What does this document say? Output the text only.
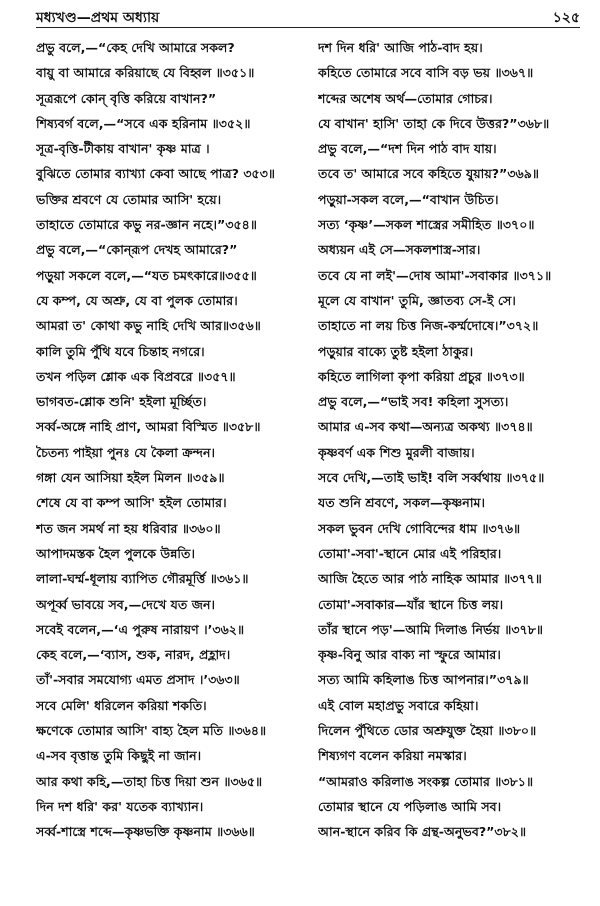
মধ্যখণ্ড—প্রথম অধ্যায়	১২৫
প্রভু বলে,—“কেহ দেখি আমারে সকল?
বায়ু বা আমারে করিয়াছে যে বিহ্বল ॥৩৫১॥
সূত্ররূপে কোন্ বৃত্তি করিয়ে বাখান?”
শিষ্যবর্গ বলে,—“সবে এক হরিনাম ॥৩৫২॥
সূত্র-বৃত্তি-টীকায় বাখান' কৃষ্ণ মাত্র ।
বুঝিতে তোমার ব্যাখ্যা কেবা আছে পাত্র? ৩৫৩॥
ভক্তির শ্রবণে যে তোমার আসি' হয়ে।
তাহাতে তোমারে কভু নর-জ্ঞান নহে।”৩৫৪॥
প্রভু বলে,—“কোন্‌রূপ দেখহ আমারে?”
পড়ুয়া সকলে বলে,—“যত চমৎকারে॥৩৫৫॥
যে কম্প, যে অশ্রু, যে বা পুলক তোমার।
আমরা ত' কোথা কভু নাহি দেখি আর॥৩৫৬॥
কালি তুমি পুঁথি যবে চিন্তাহ নগরে।
তখন পড়িল শ্লোক এক বিপ্রবরে ॥৩৫৭॥
ভাগবত-শ্লোক শুনি' হইলা মূর্চ্ছিত।
সর্ব্ব-অঙ্গে নাহি প্রাণ, আমরা বিস্মিত ॥৩৫৮॥
চৈতন্য পাইয়া পুনঃ যে কৈলা ক্রন্দন।
গঙ্গা যেন আসিয়া হইল মিলন ॥৩৫৯॥
শেষে যে বা কম্প আসি' হইল তোমার।
শত জন সমর্থ না হয় ধরিবার ॥৩৬০॥
আপাদমস্তক হৈল পুলকে উন্নতি।
লালা-ঘর্ম্ম-ধূলায় ব্যাপিত গৌরমূর্ত্তি ॥৩৬১॥
অপূর্ব্ব ভাবয়ে সব,—দেখে যত জন।
সবেই বলেন,—‘এ পুরুষ নারায়ণ ।’৩৬২॥
কেহ বলে,—‘ব্যাস, শুক, নারদ, প্রহ্লাদ।
তাঁ'-সবার সমযোগ্য এমত প্রসাদ ।’৩৬৩॥
সবে মেলি' ধরিলেন করিয়া শকতি।
ক্ষণেকে তোমার আসি' বাহ্য হৈল মতি ॥৩৬৪॥
এ-সব বৃত্তান্ত তুমি কিছুই না জান।
আর কথা কহি,—তাহা চিত্ত দিয়া শুন ॥৩৬৫॥
দিন দশ ধরি' কর' যতেক ব্যাখ্যান।
সর্ব্ব-শাস্ত্রে শব্দে—কৃষ্ণভক্তি কৃষ্ণনাম ॥৩৬৬॥
দশ দিন ধরি' আজি পাঠ-বাদ হয়।
কহিতে তোমারে সবে বাসি বড় ভয় ॥৩৬৭॥
শব্দের অশেষ অর্থ—তোমার গোচর।
যে বাখান' হাসি' তাহা কে দিবে উত্তর?”৩৬৮॥
প্রভু বলে,—“দশ দিন পাঠ বাদ যায়।
তবে ত' আমারে সবে কহিতে যুয়ায়?”৩৬৯॥
পড়ুয়া-সকল বলে,—“বাখান উচিত।
সত্য ‘কৃষ্ণ’—সকল শাস্ত্রের সমীহিত ॥৩৭০॥
অধ্যয়ন এই সে—সকলশাস্ত্র-সার।
তবে যে না লই'—দোষ আমা'-সবাকার ॥৩৭১॥
মূলে যে বাখান' তুমি, জ্ঞাতব্য সে-ই সে।
তাহাতে না লয় চিত্ত নিজ-কর্ম্মদোষে।”৩৭২॥
পড়ুয়ার বাক্যে তুষ্ট হইলা ঠাকুর।
কহিতে লাগিলা কৃপা করিয়া প্রচুর ॥৩৭৩॥
প্রভু বলে,—“ভাই সব! কহিলা সুসত্য।
আমার এ-সব কথা—অন্যত্র অকথ্য ॥৩৭৪॥
কৃষ্ণবর্ণ এক শিশু মুরলী বাজায়।
সবে দেখি,—তাই ভাই! বলি সর্ব্বথায় ॥৩৭৫॥
যত শুনি শ্রবণে, সকল—কৃষ্ণনাম।
সকল ভুবন দেখি গোবিন্দের ধাম ॥৩৭৬॥
তোমা'-সবা'-স্থানে মোর এই পরিহার।
আজি হৈতে আর পাঠ নাহিক আমার ॥৩৭৭॥
তোমা'-সবাকার—যাঁর স্থানে চিত্ত লয়।
তাঁর স্থানে পড়'—আমি দিলাঙ নির্ভয় ॥৩৭৮॥
কৃষ্ণ-বিনু আর বাক্য না স্ফুরে আমার।
সত্য আমি কহিলাঙ চিত্ত আপনার।”৩৭৯॥
এই বোল মহাপ্রভু সবারে কহিয়া।
দিলেন পুঁথিতে ডোর অশ্রুযুক্ত হৈয়া ॥৩৮০॥
শিষ্যগণ বলেন করিয়া নমস্কার।
“আমরাও করিলাঙ সংকল্প তোমার ॥৩৮১॥
তোমার স্থানে যে পড়িলাঙ আমি সব।
আন-স্থানে করিব কি গ্রন্থ-অনুভব?”৩৮২॥
